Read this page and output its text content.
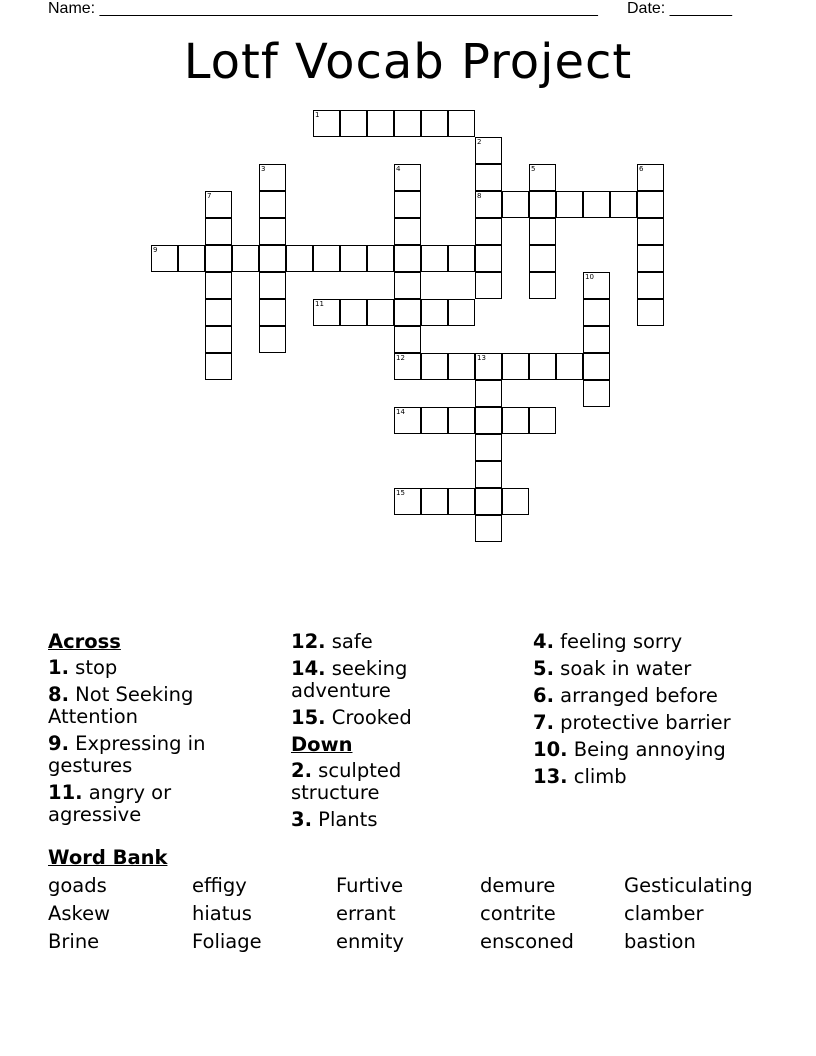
Name: ________________________________________________________ Date: _______
Lotf Vocab Project
1
2
8
3	4
12
5	6
7
9
10
11
13
14
15
Across
1. stop
8. Not Seeking Attention
9. Expressing in gestures
11. angry or agressive
12. safe
14. seeking adventure
15. Crooked
Down
2. sculpted structure
3. Plants
4. feeling sorry
5. soak in water
6. arranged before
7. protective barrier
10. Being annoying
13. climb
Word Bank
goads	effigy	Furtive	demure	Gesticulating
Askew	hiatus	errant	contrite	clamber
Brine	Foliage	enmity	ensconed	bastion
